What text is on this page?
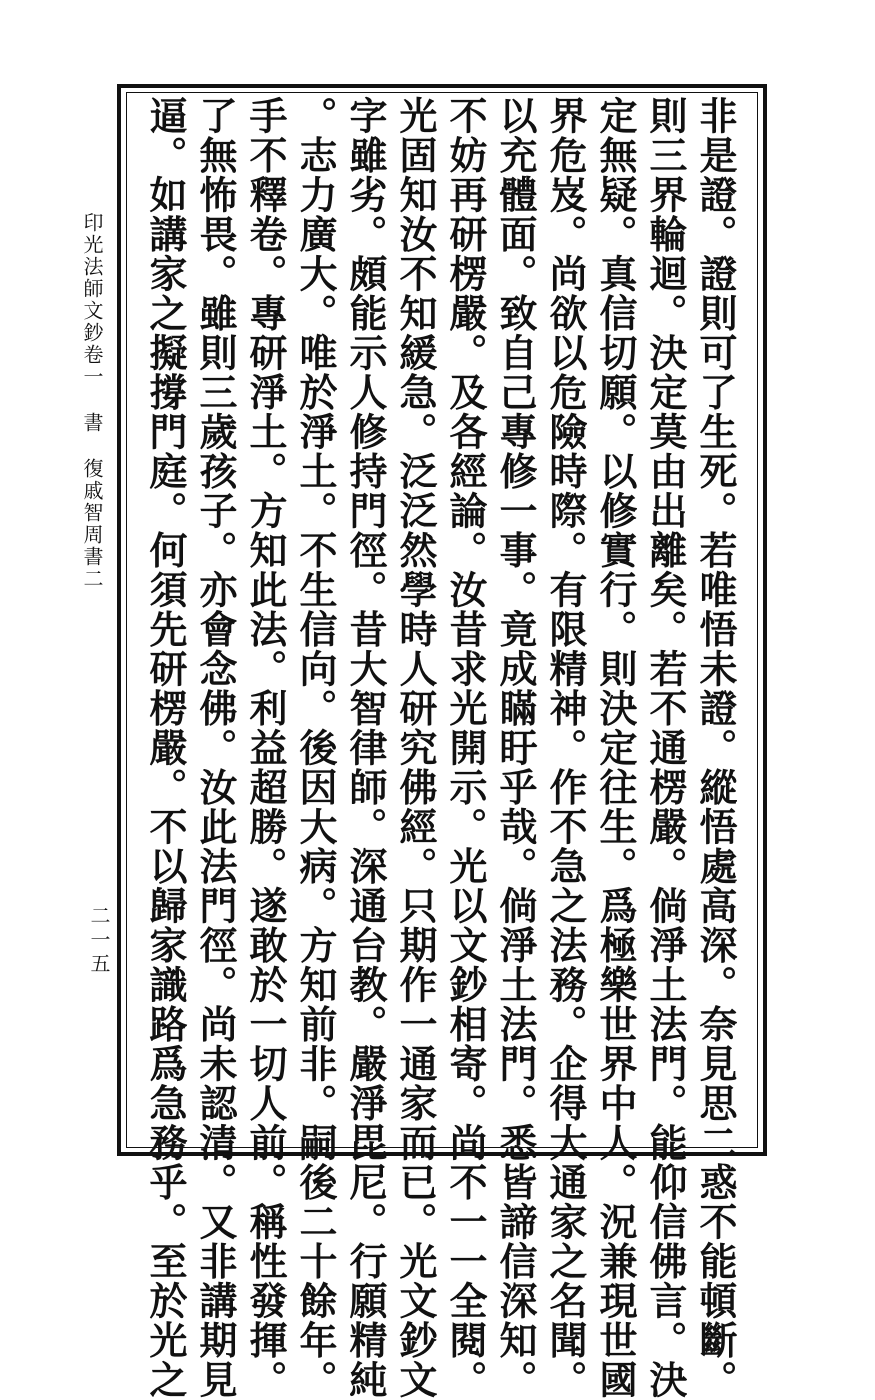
非是證。證則可了生死。若唯悟未證。縱悟處高深。奈見思二惑不能頓斷。
則三界輪迴。決定莫由出離矣。若不通楞嚴。倘淨土法門。能仰信佛言。決
定無疑。真信切願。以修實行。則決定往生。爲極樂世界中人。況兼現世國
界危岌。尚欲以危險時際。有限精神。作不急之法務。企得大通家之名聞。
以充體面。致自己專修一事。竟成瞞盱乎哉。倘淨土法門。悉皆諦信深知。
不妨再研楞嚴。及各經論。汝昔求光開示。光以文鈔相寄。尚不一一全閱。
光固知汝不知緩急。泛泛然學時人研究佛經。只期作一通家而已。光文鈔文
字雖劣。頗能示人修持門徑。昔大智律師。深通台教。嚴淨毘尼。行願精純
。志力廣大。唯於淨土。不生信向。後因大病。方知前非。嗣後二十餘年。
手不釋卷。專研淨土。方知此法。利益超勝。遂敢於一切人前。稱性發揮。
了無怖畏。雖則三歲孩子。亦會念佛。汝此法門徑。尚未認清。又非講期見
逼。如講家之擬撐門庭。何須先研楞嚴。不以歸家識路爲急務乎。至於光之
印光法師文鈔卷一書復戚智周書二
二一五
